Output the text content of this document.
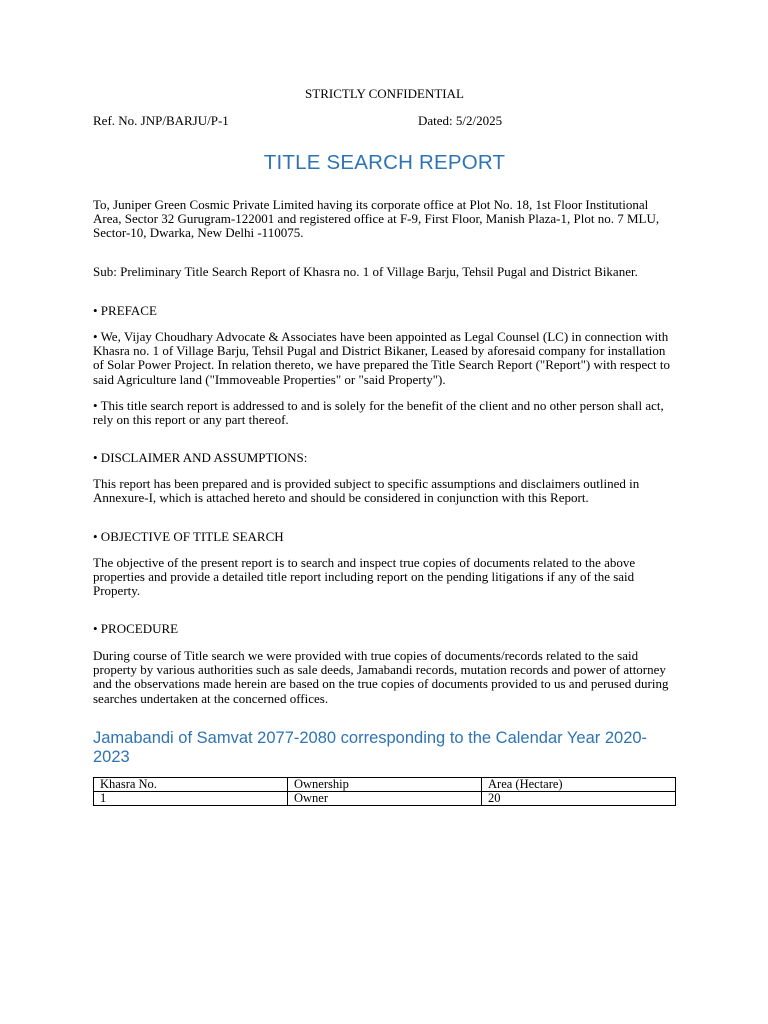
STRICTLY CONFIDENTIAL
Ref. No. JNP/BARJU/P-1	Dated: 5/2/2025
TITLE SEARCH REPORT

To, Juniper Green Cosmic Private Limited having its corporate office at Plot No. 18, 1st Floor Institutional Area, Sector 32 Gurugram-122001 and registered office at F-9, First Floor, Manish Plaza-1, Plot no. 7 MLU, Sector-10, Dwarka, New Delhi -110075.

Sub: Preliminary Title Search Report of Khasra no. 1 of Village Barju, Tehsil Pugal and District Bikaner.

• PREFACE

• We, Vijay Choudhary Advocate & Associates have been appointed as Legal Counsel (LC) in connection with Khasra no. 1 of Village Barju, Tehsil Pugal and District Bikaner, Leased by aforesaid company for installation of Solar Power Project. In relation thereto, we have prepared the Title Search Report ("Report") with respect to said Agriculture land ("Immoveable Properties" or "said Property").

• This title search report is addressed to and is solely for the benefit of the client and no other person shall act, rely on this report or any part thereof.

• DISCLAIMER AND ASSUMPTIONS:

This report has been prepared and is provided subject to specific assumptions and disclaimers outlined in Annexure-I, which is attached hereto and should be considered in conjunction with this Report.

• OBJECTIVE OF TITLE SEARCH

The objective of the present report is to search and inspect true copies of documents related to the above properties and provide a detailed title report including report on the pending litigations if any of the said Property.

• PROCEDURE

During course of Title search we were provided with true copies of documents/records related to the said property by various authorities such as sale deeds, Jamabandi records, mutation records and power of attorney and the observations made herein are based on the true copies of documents provided to us and perused during searches undertaken at the concerned offices.

Jamabandi of Samvat 2077-2080 corresponding to the Calendar Year 2020-2023
Khasra No.	Ownership	Area (Hectare)
1	Owner	20
